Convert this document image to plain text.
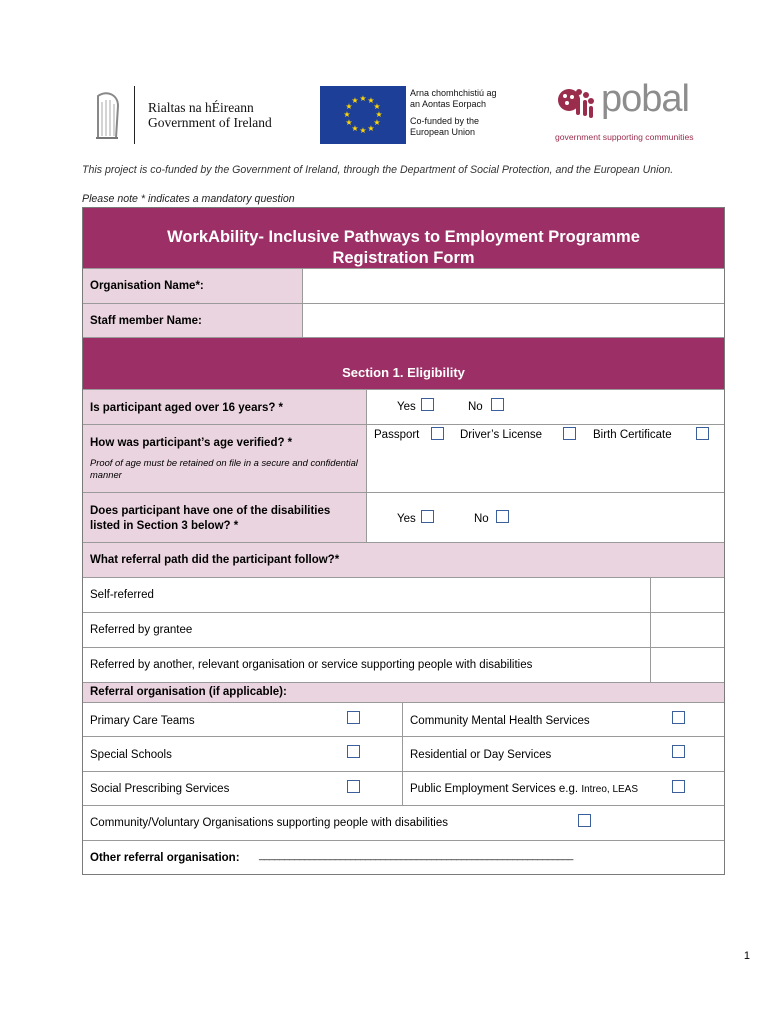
Rialtas na hÉireann
Government of Ireland
★ ★
★
★
★
★
★
★
★
★
★
★
Arna chomhchistiú ag
an Aontas Eorpach
Co-funded by the
European Union
pobal
government supporting communities
This project is co-funded by the Government of Ireland, through the Department of Social Protection, and the European Union.
Please note * indicates a mandatory question
WorkAbility- Inclusive Pathways to Employment Programme
Registration Form
Organisation Name*:
Staff member Name:
Section 1. Eligibility
Is participant aged over 16 years? *	Yes	No
How was participant’s age verified? *
Proof of age must be retained on file in a secure and confidential manner
Passport	Driver’s License	Birth Certificate
Does participant have one of the disabilities
listed in Section 3 below? *
Yes	No
What referral path did the participant follow?*
Self-referred
Referred by grantee
Referred by another, relevant organisation or service supporting people with disabilities
Referral organisation (if applicable):
Primary Care Teams	Community Mental Health Services
Special Schools	Residential or Day Services
Social Prescribing Services	Public Employment Services e.g. Intreo, LEAS
Community/Voluntary Organisations supporting people with disabilities
Other referral organisation: ______________________________________________________________
1
